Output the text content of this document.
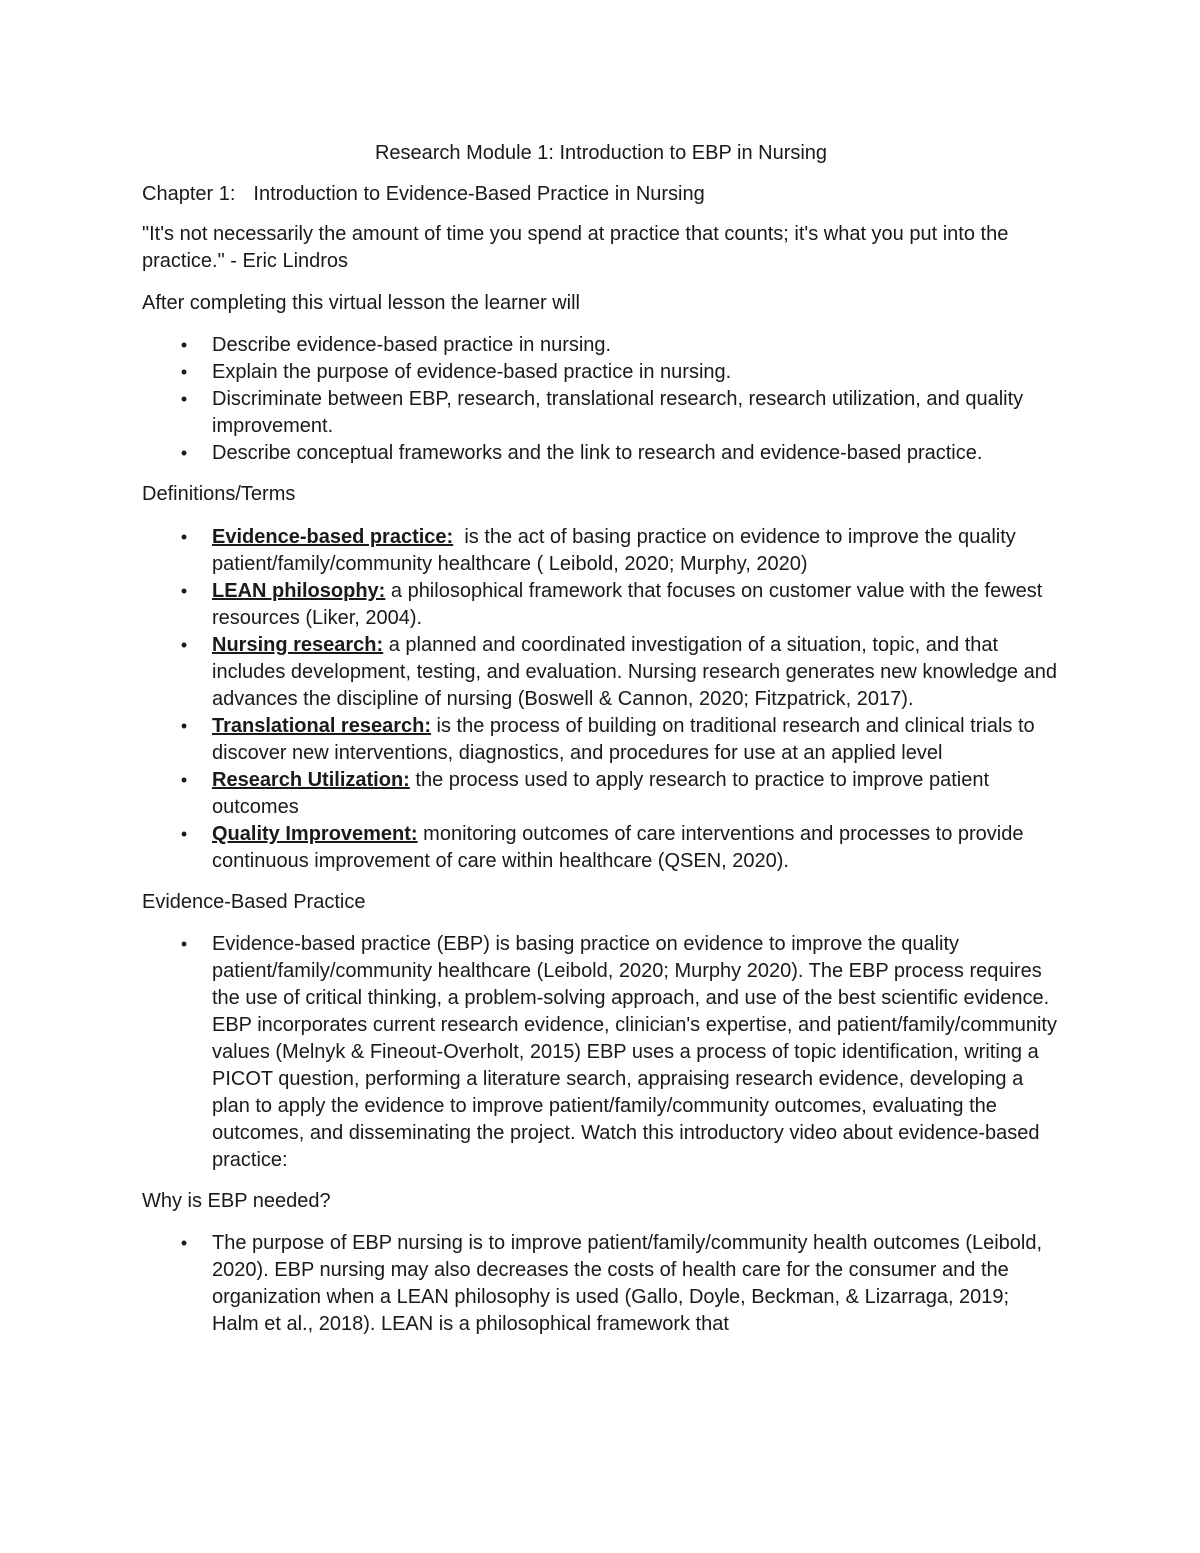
Research Module 1: Introduction to EBP in Nursing

Chapter 1: Introduction to Evidence-Based Practice in Nursing

"It's not necessarily the amount of time you spend at practice that counts; it's what you put into the practice." - Eric Lindros

After completing this virtual lesson the learner will

•	Describe evidence-based practice in nursing.
•	Explain the purpose of evidence-based practice in nursing.
•	Discriminate between EBP, research, translational research, research utilization, and quality improvement.
•	Describe conceptual frameworks and the link to research and evidence-based practice.

Definitions/Terms

•	Evidence-based practice:  is the act of basing practice on evidence to improve the quality patient/family/community healthcare ( Leibold, 2020; Murphy, 2020)
•	LEAN philosophy: a philosophical framework that focuses on customer value with the fewest resources (Liker, 2004).
•	Nursing research: a planned and coordinated investigation of a situation, topic, and that includes development, testing, and evaluation. Nursing research generates new knowledge and advances the discipline of nursing (Boswell & Cannon, 2020; Fitzpatrick, 2017).
•	Translational research: is the process of building on traditional research and clinical trials to discover new interventions, diagnostics, and procedures for use at an applied level
•	Research Utilization: the process used to apply research to practice to improve patient outcomes
•	Quality Improvement: monitoring outcomes of care interventions and processes to provide continuous improvement of care within healthcare (QSEN, 2020).

Evidence-Based Practice

•	Evidence-based practice (EBP) is basing practice on evidence to improve the quality patient/family/community healthcare (Leibold, 2020; Murphy 2020). The EBP process requires the use of critical thinking, a problem-solving approach, and use of the best scientific evidence. EBP incorporates current research evidence, clinician's expertise, and patient/family/community values (Melnyk & Fineout-Overholt, 2015) EBP uses a process of topic identification, writing a PICOT question, performing a literature search, appraising research evidence, developing a plan to apply the evidence to improve patient/family/community outcomes, evaluating the outcomes, and disseminating the project. Watch this introductory video about evidence-based practice:

Why is EBP needed?

•	The purpose of EBP nursing is to improve patient/family/community health outcomes (Leibold, 2020). EBP nursing may also decreases the costs of health care for the consumer and the organization when a LEAN philosophy is used (Gallo, Doyle, Beckman, & Lizarraga, 2019; Halm et al., 2018). LEAN is a philosophical framework that
